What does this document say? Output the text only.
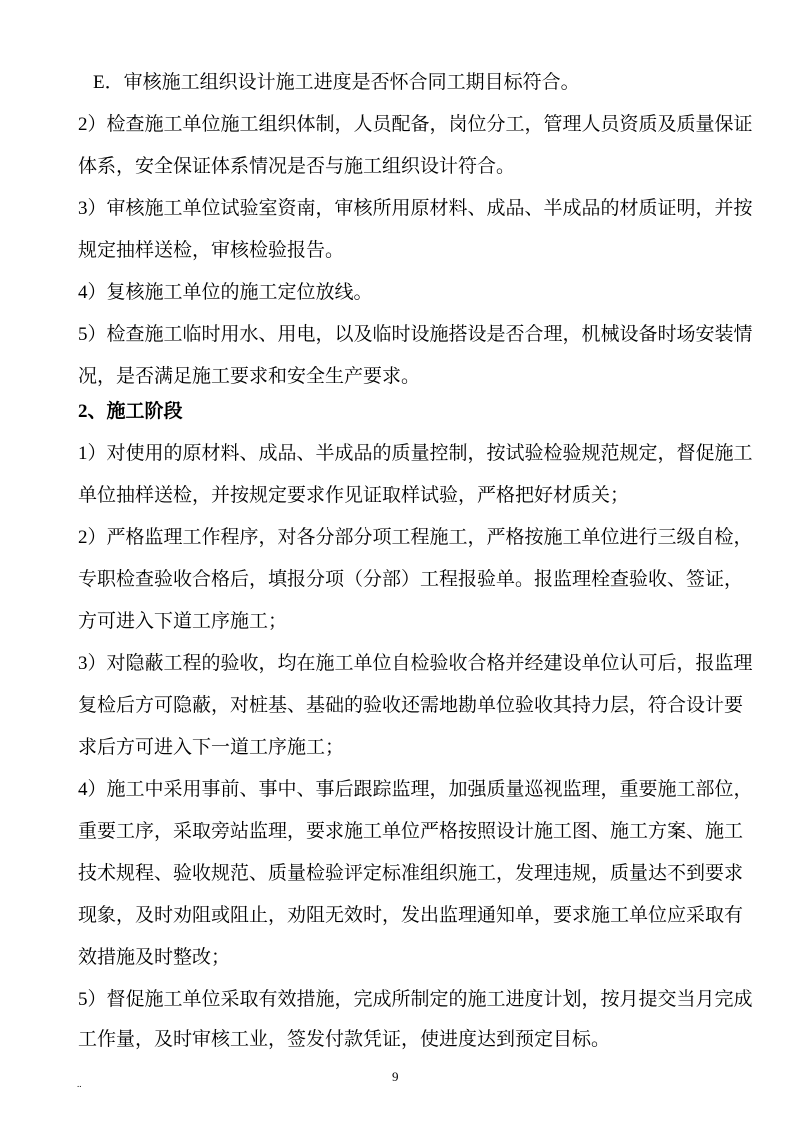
E．审核施工组织设计施工进度是否怀合同工期目标符合。
2）检查施工单位施工组织体制，人员配备，岗位分工，管理人员资质及质量保证
体系，安全保证体系情况是否与施工组织设计符合。
3）审核施工单位试验室资南，审核所用原材料、成品、半成品的材质证明，并按
规定抽样送检，审核检验报告。
4）复核施工单位的施工定位放线。
5）检查施工临时用水、用电，以及临时设施搭设是否合理，机械设备时场安装情
况，是否满足施工要求和安全生产要求。
2、施工阶段
1）对使用的原材料、成品、半成品的质量控制，按试验检验规范规定，督促施工
单位抽样送检，并按规定要求作见证取样试验，严格把好材质关；
2）严格监理工作程序，对各分部分项工程施工，严格按施工单位进行三级自检，
专职检查验收合格后，填报分项（分部）工程报验单。报监理栓查验收、签证，
方可进入下道工序施工；
3）对隐蔽工程的验收，均在施工单位自检验收合格并经建设单位认可后，报监理
复检后方可隐蔽，对桩基、基础的验收还需地勘单位验收其持力层，符合设计要
求后方可进入下一道工序施工；
4）施工中采用事前、事中、事后跟踪监理，加强质量巡视监理，重要施工部位，
重要工序，采取旁站监理，要求施工单位严格按照设计施工图、施工方案、施工
技术规程、验收规范、质量检验评定标准组织施工，发理违规，质量达不到要求
现象，及时劝阻或阻止，劝阻无效时，发出监理通知单，要求施工单位应采取有
效措施及时整改；
5）督促施工单位采取有效措施，完成所制定的施工进度计划，按月提交当月完成
工作量，及时审核工业，签发付款凭证，使进度达到预定目标。
..	9
